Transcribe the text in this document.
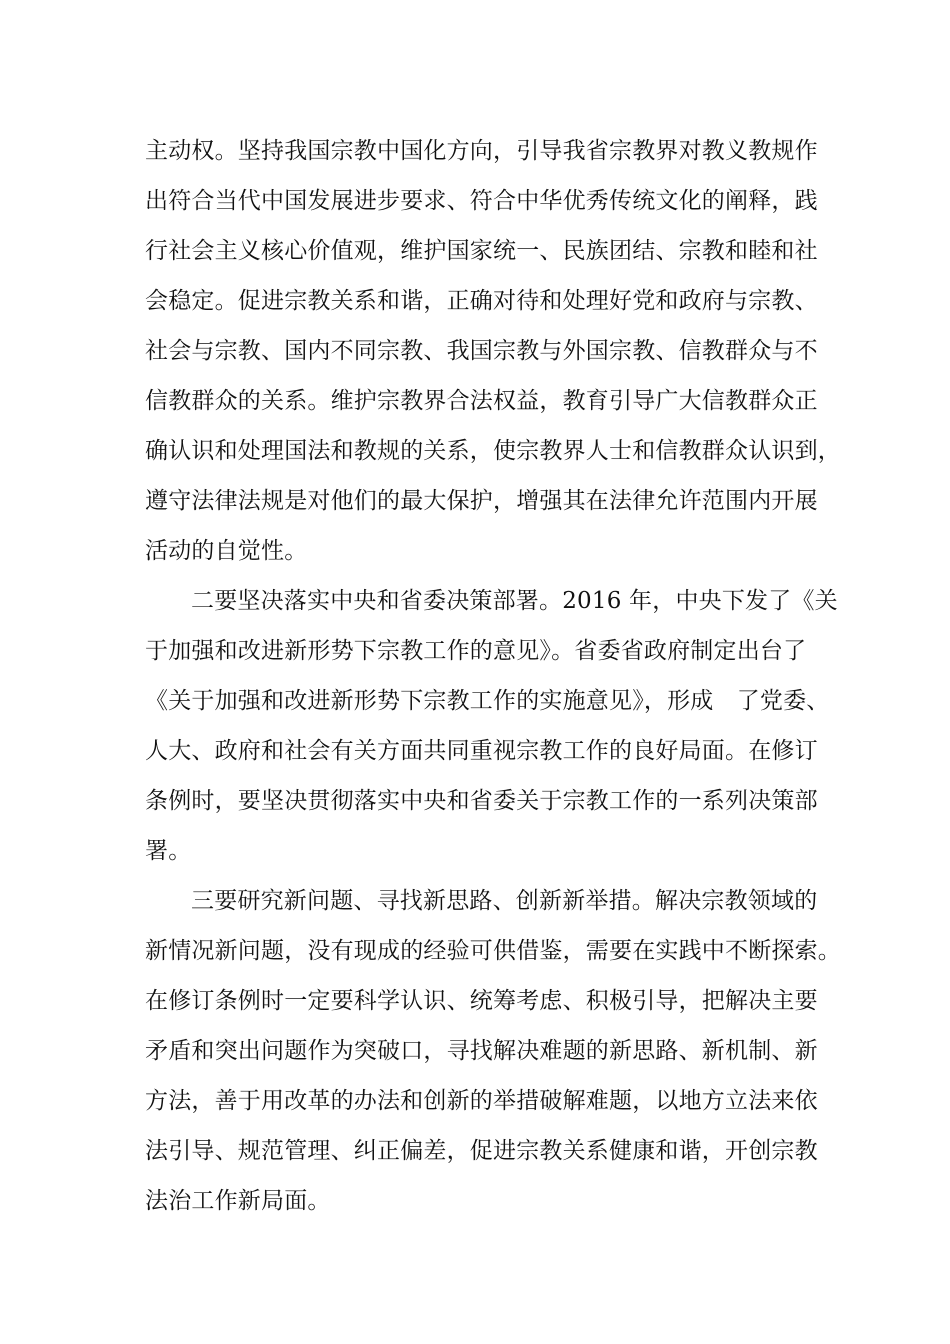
主动权。坚持我国宗教中国化方向，引导我省宗教界对教义教规作
出符合当代中国发展进步要求、符合中华优秀传统文化的阐释，践
行社会主义核心价值观，维护国家统一、民族团结、宗教和睦和社
会稳定。促进宗教关系和谐，正确对待和处理好党和政府与宗教、
社会与宗教、国内不同宗教、我国宗教与外国宗教、信教群众与不
信教群众的关系。维护宗教界合法权益，教育引导广大信教群众正
确认识和处理国法和教规的关系，使宗教界人士和信教群众认识到，
遵守法律法规是对他们的最大保护，增强其在法律允许范围内开展
活动的自觉性。
二要坚决落实中央和省委决策部署。2016 年，中央下发了《关
于加强和改进新形势下宗教工作的意见》。省委省政府制定出台了
《关于加强和改进新形势下宗教工作的实施意见》，形成　了党委、
人大、政府和社会有关方面共同重视宗教工作的良好局面。在修订
条例时，要坚决贯彻落实中央和省委关于宗教工作的一系列决策部
署。
三要研究新问题、寻找新思路、创新新举措。解决宗教领域的
新情况新问题，没有现成的经验可供借鉴，需要在实践中不断探索。
在修订条例时一定要科学认识、统筹考虑、积极引导，把解决主要
矛盾和突出问题作为突破口，寻找解决难题的新思路、新机制、新
方法，善于用改革的办法和创新的举措破解难题，以地方立法来依
法引导、规范管理、纠正偏差，促进宗教关系健康和谐，开创宗教
法治工作新局面。
